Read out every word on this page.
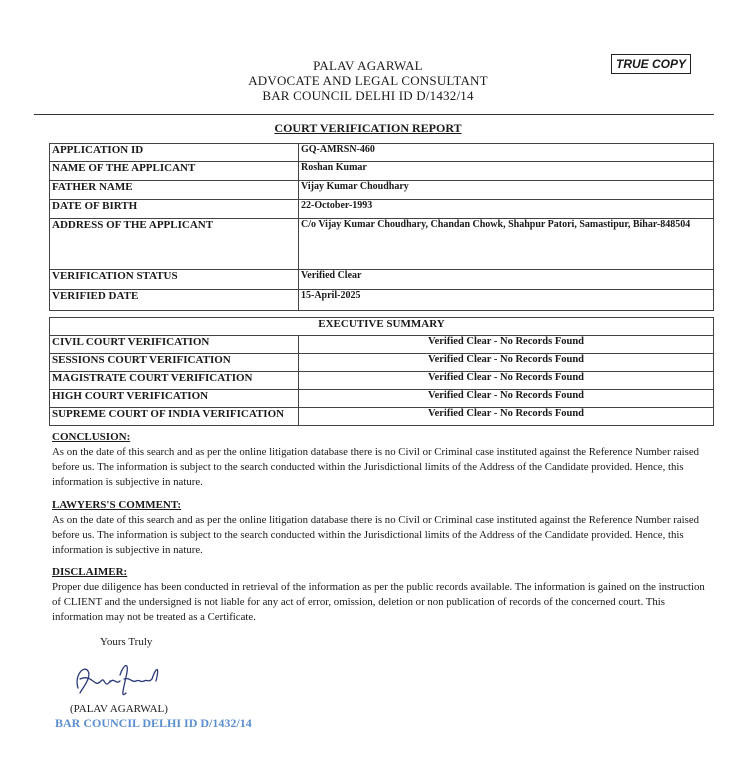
PALAV AGARWAL
ADVOCATE AND LEGAL CONSULTANT
BAR COUNCIL DELHI ID D/1432/14
TRUE COPY
COURT VERIFICATION REPORT
APPLICATION ID	GQ-AMRSN-460
NAME OF THE APPLICANT	Roshan Kumar
FATHER NAME	Vijay Kumar Choudhary
DATE OF BIRTH	22-October-1993
ADDRESS OF THE APPLICANT	C/o Vijay Kumar Choudhary, Chandan Chowk, Shahpur Patori, Samastipur, Bihar-848504
VERIFICATION STATUS	Verified Clear
VERIFIED DATE	15-April-2025
EXECUTIVE SUMMARY	
CIVIL COURT VERIFICATION	Verified Clear - No Records Found
SESSIONS COURT VERIFICATION	Verified Clear - No Records Found
MAGISTRATE COURT VERIFICATION	Verified Clear - No Records Found
HIGH COURT VERIFICATION	Verified Clear - No Records Found
SUPREME COURT OF INDIA VERIFICATION	Verified Clear - No Records Found
CONCLUSION:
As on the date of this search and as per the online litigation database there is no Civil or Criminal case instituted against the Reference Number raised before us. The information is subject to the search conducted within the Jurisdictional limits of the Address of the Candidate provided. Hence, this information is subjective in nature.
LAWYERS'S COMMENT:
As on the date of this search and as per the online litigation database there is no Civil or Criminal case instituted against the Reference Number raised before us. The information is subject to the search conducted within the Jurisdictional limits of the Address of the Candidate provided. Hence, this information is subjective in nature.
DISCLAIMER:
Proper due diligence has been conducted in retrieval of the information as per the public records available. The information is gained on the instruction of CLIENT and the undersigned is not liable for any act of error, omission, deletion or non publication of records of the concerned court. This information may not be treated as a Certificate.
Yours Truly
(PALAV AGARWAL)
BAR COUNCIL DELHI ID D/1432/14
